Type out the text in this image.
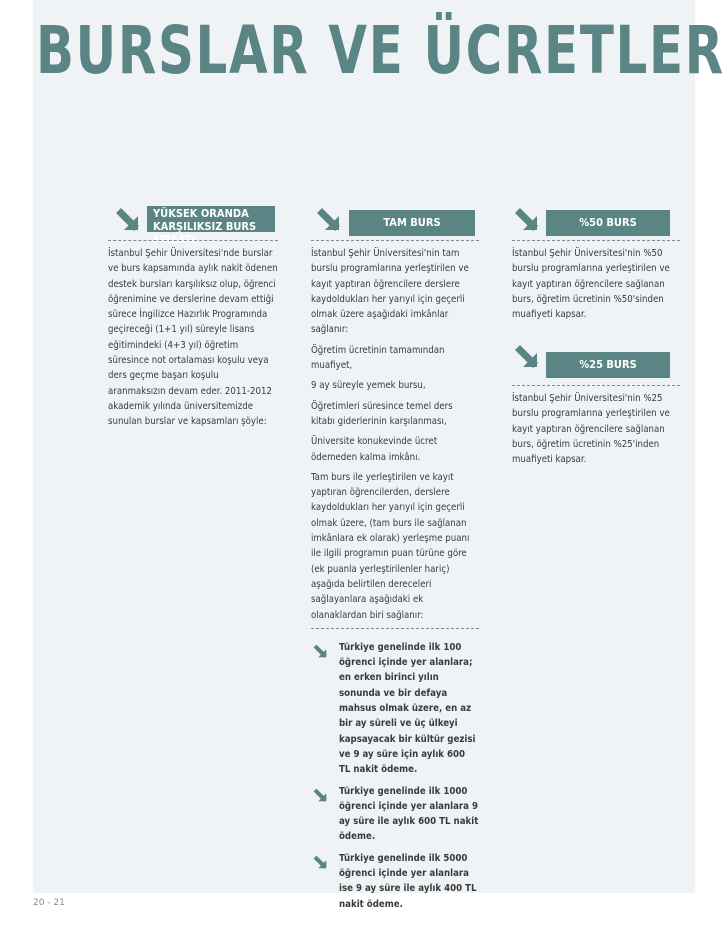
BURSLAR VE ÜCRETLER
YÜKSEK ORANDA
KARŞILIKSIZ BURS FIRSATI

İstanbul Şehir Üniversitesi'nde burslar ve burs kapsamında aylık nakit ödenen destek bursları karşılıksız olup, öğrenci öğrenimine ve derslerine devam ettiği sürece İngilizce Hazırlık Programında geçireceği (1+1 yıl) süreyle lisans eğitimindeki (4+3 yıl) öğretim süresince not ortalaması koşulu veya ders geçme başarı koşulu aranmaksızın devam eder. 2011-2012 akademik yılında üniversitemizde sunulan burslar ve kapsamları şöyle:

TAM BURS

İstanbul Şehir Üniversitesi'nin tam burslu programlarına yerleştirilen ve kayıt yaptıran öğrencilere derslere kaydoldukları her yarıyıl için geçerli olmak üzere aşağıdaki imkânlar sağlanır:

Öğretim ücretinin tamamından muafiyet,

9 ay süreyle yemek bursu,

Öğretimleri süresince temel ders kitabı giderlerinin karşılanması,

Üniversite konukevinde ücret ödemeden kalma imkânı.

Tam burs ile yerleştirilen ve kayıt yaptıran öğrencilerden, derslere kaydoldukları her yarıyıl için geçerli olmak üzere, (tam burs ile sağlanan imkânlara ek olarak) yerleşme puanı ile ilgili programın puan türüne göre (ek puanla yerleştirilenler hariç) aşağıda belirtilen dereceleri sağlayanlara aşağıdaki ek olanaklardan biri sağlanır:

Türkiye genelinde ilk 100 öğrenci içinde yer alanlara; en erken birinci yılın sonunda ve bir defaya mahsus olmak üzere, en az bir ay süreli ve üç ülkeyi kapsayacak bir kültür gezisi ve 9 ay süre için aylık 600 TL nakit ödeme.
Türkiye genelinde ilk 1000 öğrenci içinde yer alanlara 9 ay süre ile aylık 600 TL nakit ödeme.
Türkiye genelinde ilk 5000 öğrenci içinde yer alanlara ise 9 ay süre ile aylık 400 TL nakit ödeme.
%50 BURS

İstanbul Şehir Üniversitesi'nin %50 burslu programlarına yerleştirilen ve kayıt yaptıran öğrencilere sağlanan burs, öğretim ücretinin %50'sinden muafiyeti kapsar.

%25 BURS

İstanbul Şehir Üniversitesi'nin %25 burslu programlarına yerleştirilen ve kayıt yaptıran öğrencilere sağlanan burs, öğretim ücretinin %25'inden muafiyeti kapsar.

20 - 21
